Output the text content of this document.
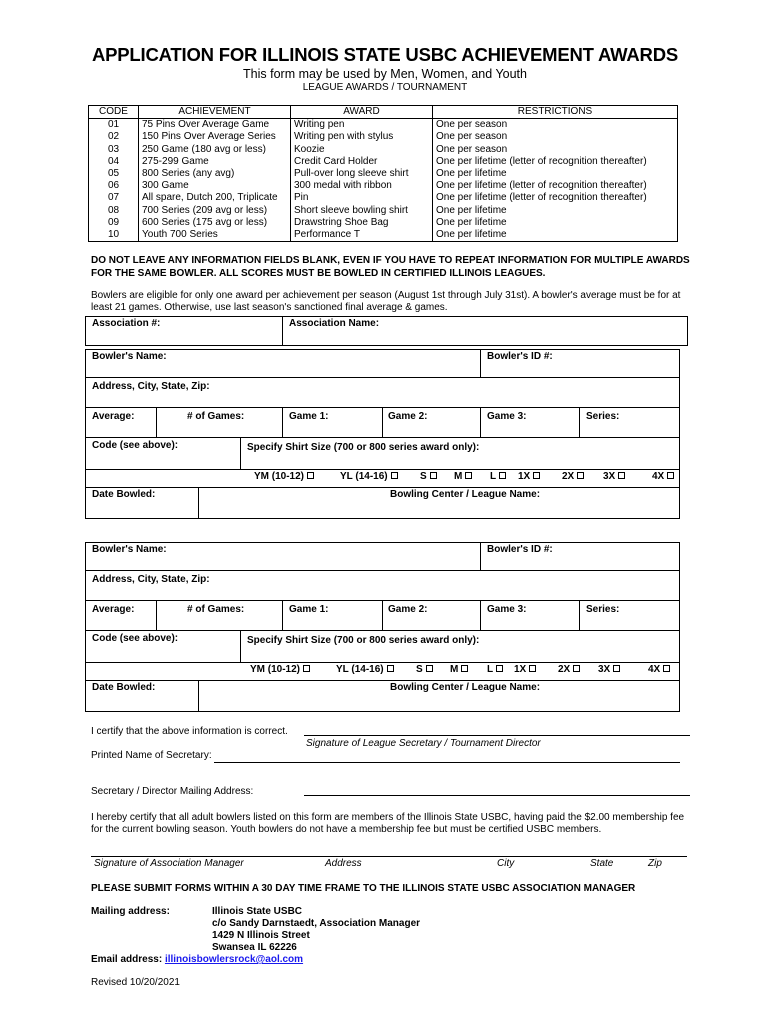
APPLICATION FOR ILLINOIS STATE USBC ACHIEVEMENT AWARDS
This form may be used by Men, Women, and Youth
LEAGUE AWARDS / TOURNAMENT
CODE	ACHIEVEMENT	AWARD	RESTRICTIONS
01	75 Pins Over Average Game	Writing pen	One per season
02	150 Pins Over Average Series	Writing pen with stylus	One per season
03	250 Game (180 avg or less)	Koozie	One per season
04	275-299 Game	Credit Card Holder	One per lifetime (letter of recognition thereafter)
05	800 Series (any avg)	Pull-over long sleeve shirt	One per lifetime
06	300 Game	300 medal with ribbon	One per lifetime (letter of recognition thereafter)
07	All spare, Dutch 200, Triplicate	Pin	One per lifetime (letter of recognition thereafter)
08	700 Series (209 avg or less)	Short sleeve bowling shirt	One per lifetime
09	600 Series (175 avg or less)	Drawstring Shoe Bag	One per lifetime
10	Youth 700 Series	Performance T	One per lifetime
DO NOT LEAVE ANY INFORMATION FIELDS BLANK, EVEN IF YOU HAVE TO REPEAT INFORMATION FOR MULTIPLE AWARDS FOR THE SAME BOWLER. ALL SCORES MUST BE BOWLED IN CERTIFIED ILLINOIS LEAGUES.
Bowlers are eligible for only one award per achievement per season (August 1st through July 31st). A bowler's average must be for at least 21 games. Otherwise, use last season's sanctioned final average & games.
Association #:	Association Name:
Bowler's Name:	Bowler's ID #:
Address, City, State, Zip:
Average:	# of Games:	Game 1:	Game 2:	Game 3:	Series:
Code (see above):	Specify Shirt Size (700 or 800 series award only):
Date Bowled:	Bowling Center / League Name:
YM (10-12)	YL (14-16)	S	M	L	1X	2X	3X	4X
Bowler's Name:	Bowler's ID #:
Address, City, State, Zip:
Average:	# of Games:	Game 1:	Game 2:	Game 3:	Series:
Code (see above):	Specify Shirt Size (700 or 800 series award only):
Date Bowled:	Bowling Center / League Name:
YM (10-12)	YL (14-16)	S	M	L	1X	2X	3X	4X
I certify that the above information is correct.
Signature of League Secretary / Tournament Director
Printed Name of Secretary:
Secretary / Director Mailing Address:
I hereby certify that all adult bowlers listed on this form are members of the Illinois State USBC, having paid the $2.00 membership fee for the current bowling season. Youth bowlers do not have a membership fee but must be certified USBC members.
Signature of Association Manager	Address	City	State	Zip
PLEASE SUBMIT FORMS WITHIN A 30 DAY TIME FRAME TO THE ILLINOIS STATE USBC ASSOCIATION MANAGER
Mailing address:	Illinois State USBC
c/o Sandy Darnstaedt, Association Manager
1429 N Illinois Street
Swansea IL 62226
Email address: illinoisbowlersrock@aol.com
Revised 10/20/2021
